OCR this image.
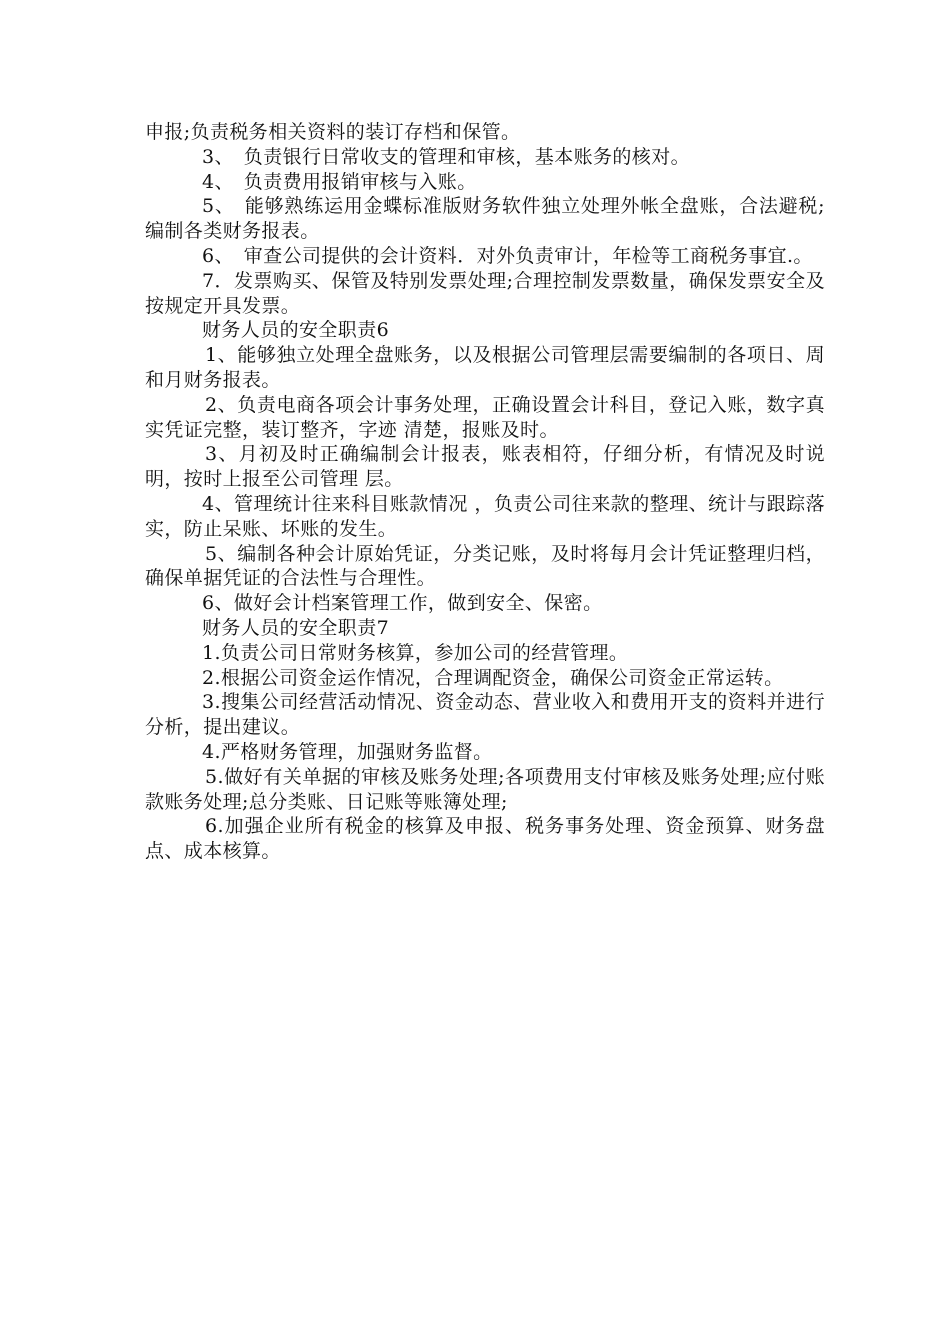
申报;负责税务相关资料的装订存档和保管。

3、　负责银行日常收支的管理和审核，基本账务的核对。

4、　负责费用报销审核与入账。

5、　能够熟练运用金蝶标准版财务软件独立处理外帐全盘账，合法避税;编制各类财务报表。

6、　审查公司提供的会计资料．对外负责审计，年检等工商税务事宜.。

7．发票购买、保管及特别发票处理;合理控制发票数量，确保发票安全及按规定开具发票。

财务人员的安全职责6

1、能够独立处理全盘账务，以及根据公司管理层需要编制的各项日、周和月财务报表。

2、负责电商各项会计事务处理，正确设置会计科目，登记入账，数字真实凭证完整，装订整齐，字迹 清楚，报账及时。

3、月初及时正确编制会计报表，账表相符，仔细分析，有情况及时说明，按时上报至公司管理 层。

4、管理统计往来科目账款情况 ，负责公司往来款的整理、统计与跟踪落实，防止呆账、坏账的发生。

5、编制各种会计原始凭证，分类记账，及时将每月会计凭证整理归档，确保单据凭证的合法性与合理性。

6、做好会计档案管理工作，做到安全、保密。

财务人员的安全职责7

1.负责公司日常财务核算，参加公司的经营管理。

2.根据公司资金运作情况，合理调配资金，确保公司资金正常运转。

3.搜集公司经营活动情况、资金动态、营业收入和费用开支的资料并进行分析，提出建议。

4.严格财务管理，加强财务监督。

5.做好有关单据的审核及账务处理;各项费用支付审核及账务处理;应付账款账务处理;总分类账、日记账等账簿处理;

6.加强企业所有税金的核算及申报、税务事务处理、资金预算、财务盘点、成本核算。
